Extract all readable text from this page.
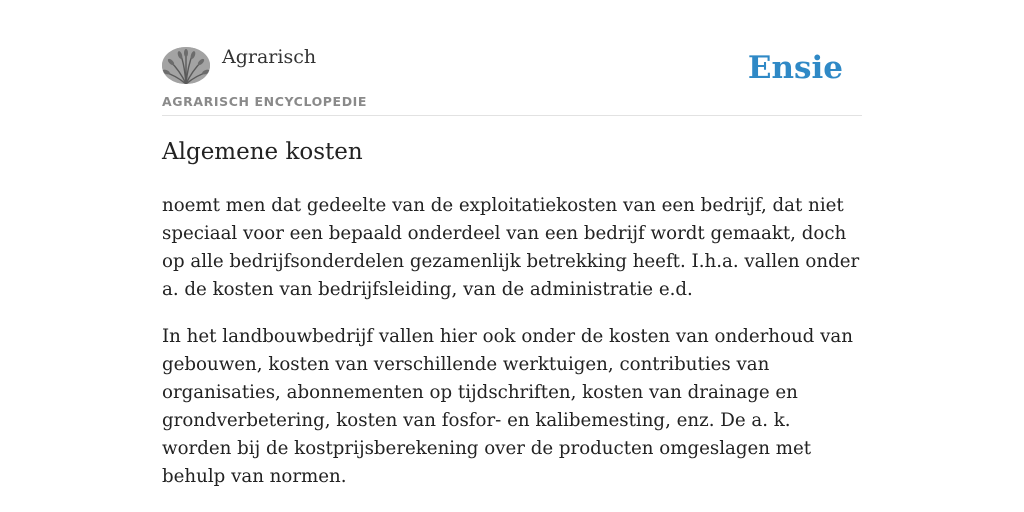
Agrarisch
AGRARISCH ENCYCLOPEDIE
Ensie
Algemene kosten

noemt men dat gedeelte van de exploitatiekosten van een bedrijf, dat niet speciaal voor een bepaald onderdeel van een bedrijf wordt gemaakt, doch op alle bedrijfsonderdelen gezamenlijk betrekking heeft. I.h.a. vallen onder a. de kosten van bedrijfsleiding, van de administratie e.d.

In het landbouwbedrijf vallen hier ook onder de kosten van onderhoud van gebouwen, kosten van verschillende werktuigen, contributies van organisaties, abonnementen op tijdschriften, kosten van drainage en grondverbetering, kosten van fosfor- en kalibemesting, enz. De a. k. worden bij de kostprijsberekening over de producten omgeslagen met behulp van normen.
